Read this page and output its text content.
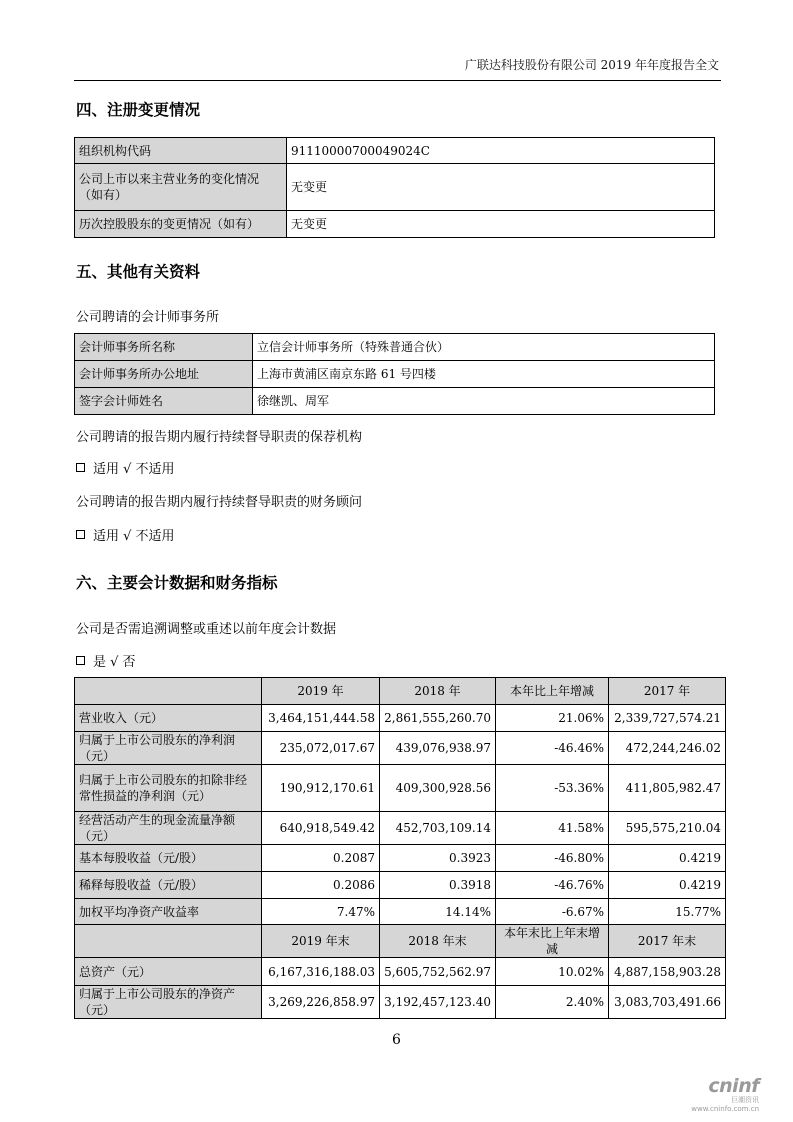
广联达科技股份有限公司 2019 年年度报告全文
四、注册变更情况
组织机构代码	91110000700049024C
公司上市以来主营业务的变化情况（如有）	无变更
历次控股股东的变更情况（如有）	无变更
五、其他有关资料
公司聘请的会计师事务所
会计师事务所名称	立信会计师事务所（特殊普通合伙）
会计师事务所办公地址	上海市黄浦区南京东路 61 号四楼
签字会计师姓名	徐继凯、周军
公司聘请的报告期内履行持续督导职责的保荐机构
适用 √ 不适用
公司聘请的报告期内履行持续督导职责的财务顾问
适用 √ 不适用
六、主要会计数据和财务指标
公司是否需追溯调整或重述以前年度会计数据
是 √ 否
	2019 年	2018 年	本年比上年增减	2017 年
营业收入（元）	3,464,151,444.58	2,861,555,260.70	21.06%	2,339,727,574.21
归属于上市公司股东的净利润（元）	235,072,017.67	439,076,938.97	-46.46%	472,244,246.02
归属于上市公司股东的扣除非经常性损益的净利润（元）	190,912,170.61	409,300,928.56	-53.36%	411,805,982.47
经营活动产生的现金流量净额（元）	640,918,549.42	452,703,109.14	41.58%	595,575,210.04
基本每股收益（元/股）	0.2087	0.3923	-46.80%	0.4219
稀释每股收益（元/股）	0.2086	0.3918	-46.76%	0.4219
加权平均净资产收益率	7.47%	14.14%	-6.67%	15.77%
	2019 年末	2018 年末	本年末比上年末增减	2017 年末
总资产（元）	6,167,316,188.03	5,605,752,562.97	10.02%	4,887,158,903.28
归属于上市公司股东的净资产（元）	3,269,226,858.97	3,192,457,123.40	2.40%	3,083,703,491.66
6
cninf
巨潮资讯
www.cninfo.com.cn
